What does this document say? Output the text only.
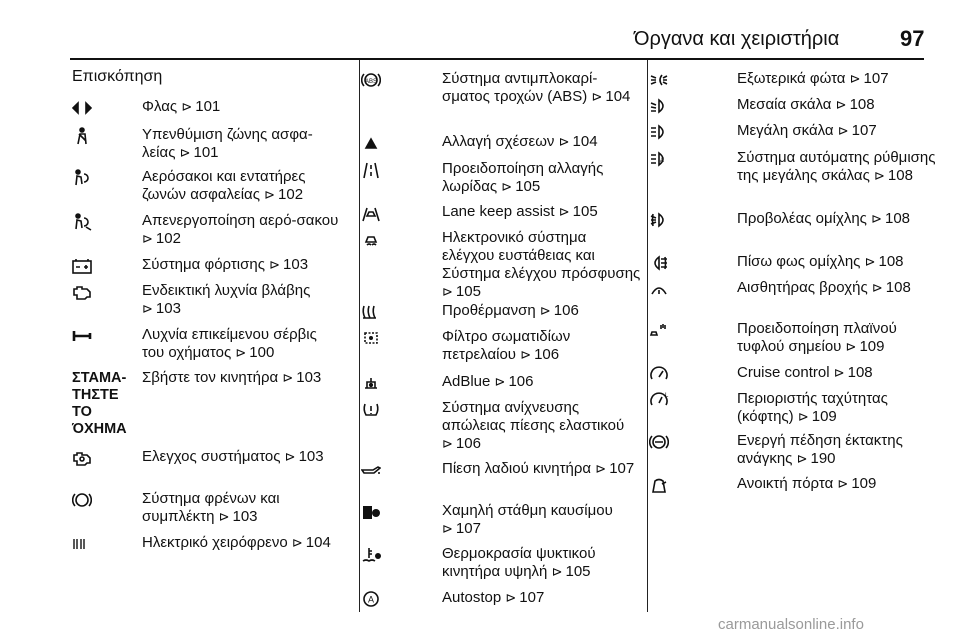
Όργανα και χειριστήρια	97
Επισκόπηση
Φλας ⊳ 101
Υπενθύμιση ζώνης ασφα-λείας ⊳ 101
Αερόσακοι και εντατήρες ζωνών ασφαλείας ⊳ 102
Απενεργοποίηση αερό-σακου ⊳ 102
Σύστημα φόρτισης ⊳ 103
Ενδεικτική λυχνία βλάβης ⊳ 103
Λυχνία επικείμενου σέρβις του οχήματος ⊳ 100
ΣΤΑΜΑ-ΤΗΣΤΕ ΤΟ ΌΧΗΜΑ
Σβήστε τον κινητήρα ⊳ 103
Ελεγχος συστήματος ⊳ 103
Σύστημα φρένων και συμπλέκτη ⊳ 103
Ηλεκτρικό χειρόφρενο ⊳ 104
ABS	Σύστημα αντιμπλοκαρί-σματος τροχών (ABS) ⊳ 104
Αλλαγή σχέσεων ⊳ 104
Προειδοποίηση αλλαγής λωρίδας ⊳ 105
Lane keep assist ⊳ 105
Ηλεκτρονικό σύστημα ελέγχου ευστάθειας και Σύστημα ελέγχου πρόσφυσης ⊳ 105
Προθέρμανση ⊳ 106
Φίλτρο σωματιδίων πετρελαίου ⊳ 106
AdBlue ⊳ 106
Σύστημα ανίχνευσης απώλειας πίεσης ελαστικού ⊳ 106
Πίεση λαδιού κινητήρα ⊳ 107
Χαμηλή στάθμη καυσίμου ⊳ 107
Θερμοκρασία ψυκτικού κινητήρα υψηλή ⊳ 105
A	Autostop ⊳ 107
Εξωτερικά φώτα ⊳ 107
Μεσαία σκάλα ⊳ 108
Μεγάλη σκάλα ⊳ 107
A	Σύστημα αυτόματης ρύθμισης της μεγάλης σκάλας ⊳ 108
Προβολέας ομίχλης ⊳ 108
Πίσω φως ομίχλης ⊳ 108
Αισθητήρας βροχής ⊳ 108
Προειδοποίηση πλαϊνού τυφλού σημείου ⊳ 109
Cruise control ⊳ 108
L	Περιοριστής ταχύτητας (κόφτης) ⊳ 109
Ενεργή πέδηση έκτακτης ανάγκης ⊳ 190
Ανοικτή πόρτα ⊳ 109
carmanualsonline.info
